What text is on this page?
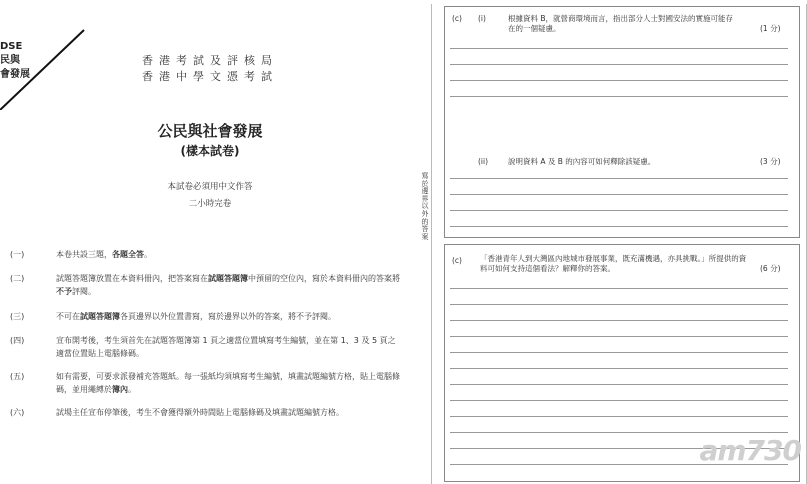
DSE
民與
會發展
香港考試及評核局
香港中學文憑考試
公民與社會發展
(樣本試卷)
本試卷必須用中文作答
二小時完卷
(一)	本卷共設三題，各題全答。
(二)	試題答題簿放置在本資料冊內，把答案寫在試題答題簿中預留的空位內，寫於本資料冊內的答案將不予評閱。
(三)	不可在試題答題簿各頁邊界以外位置書寫，寫於邊界以外的答案，將不予評閱。
(四)	宣布開考後，考生須首先在試題答題簿第 1 頁之適當位置填寫考生編號，並在第 1、3 及 5 頁之適當位置貼上電腦條碼。
(五)	如有需要，可要求派發補充答題紙。每一張紙均須填寫考生編號，填畫試題編號方格，貼上電腦條碼，並用繩縛於簿內。
(六)	試場主任宣布停筆後，考生不會獲得額外時間貼上電腦條碼及填畫試題編號方格。
寫於邊界以外的答案
(c) (i)	根據資料 B，就營商環境而言，指出部分人士對國安法的實施可能存在的一個疑慮。	(1 分)
(ii)	說明資料 A 及 B 的內容可如何釋除該疑慮。	(3 分)
(c) 「香港青年人到大灣區內地城市發展事業，既充滿機遇，亦具挑戰。」所提供的資料可如何支持這個看法？解釋你的答案。	(6 分)
am730
